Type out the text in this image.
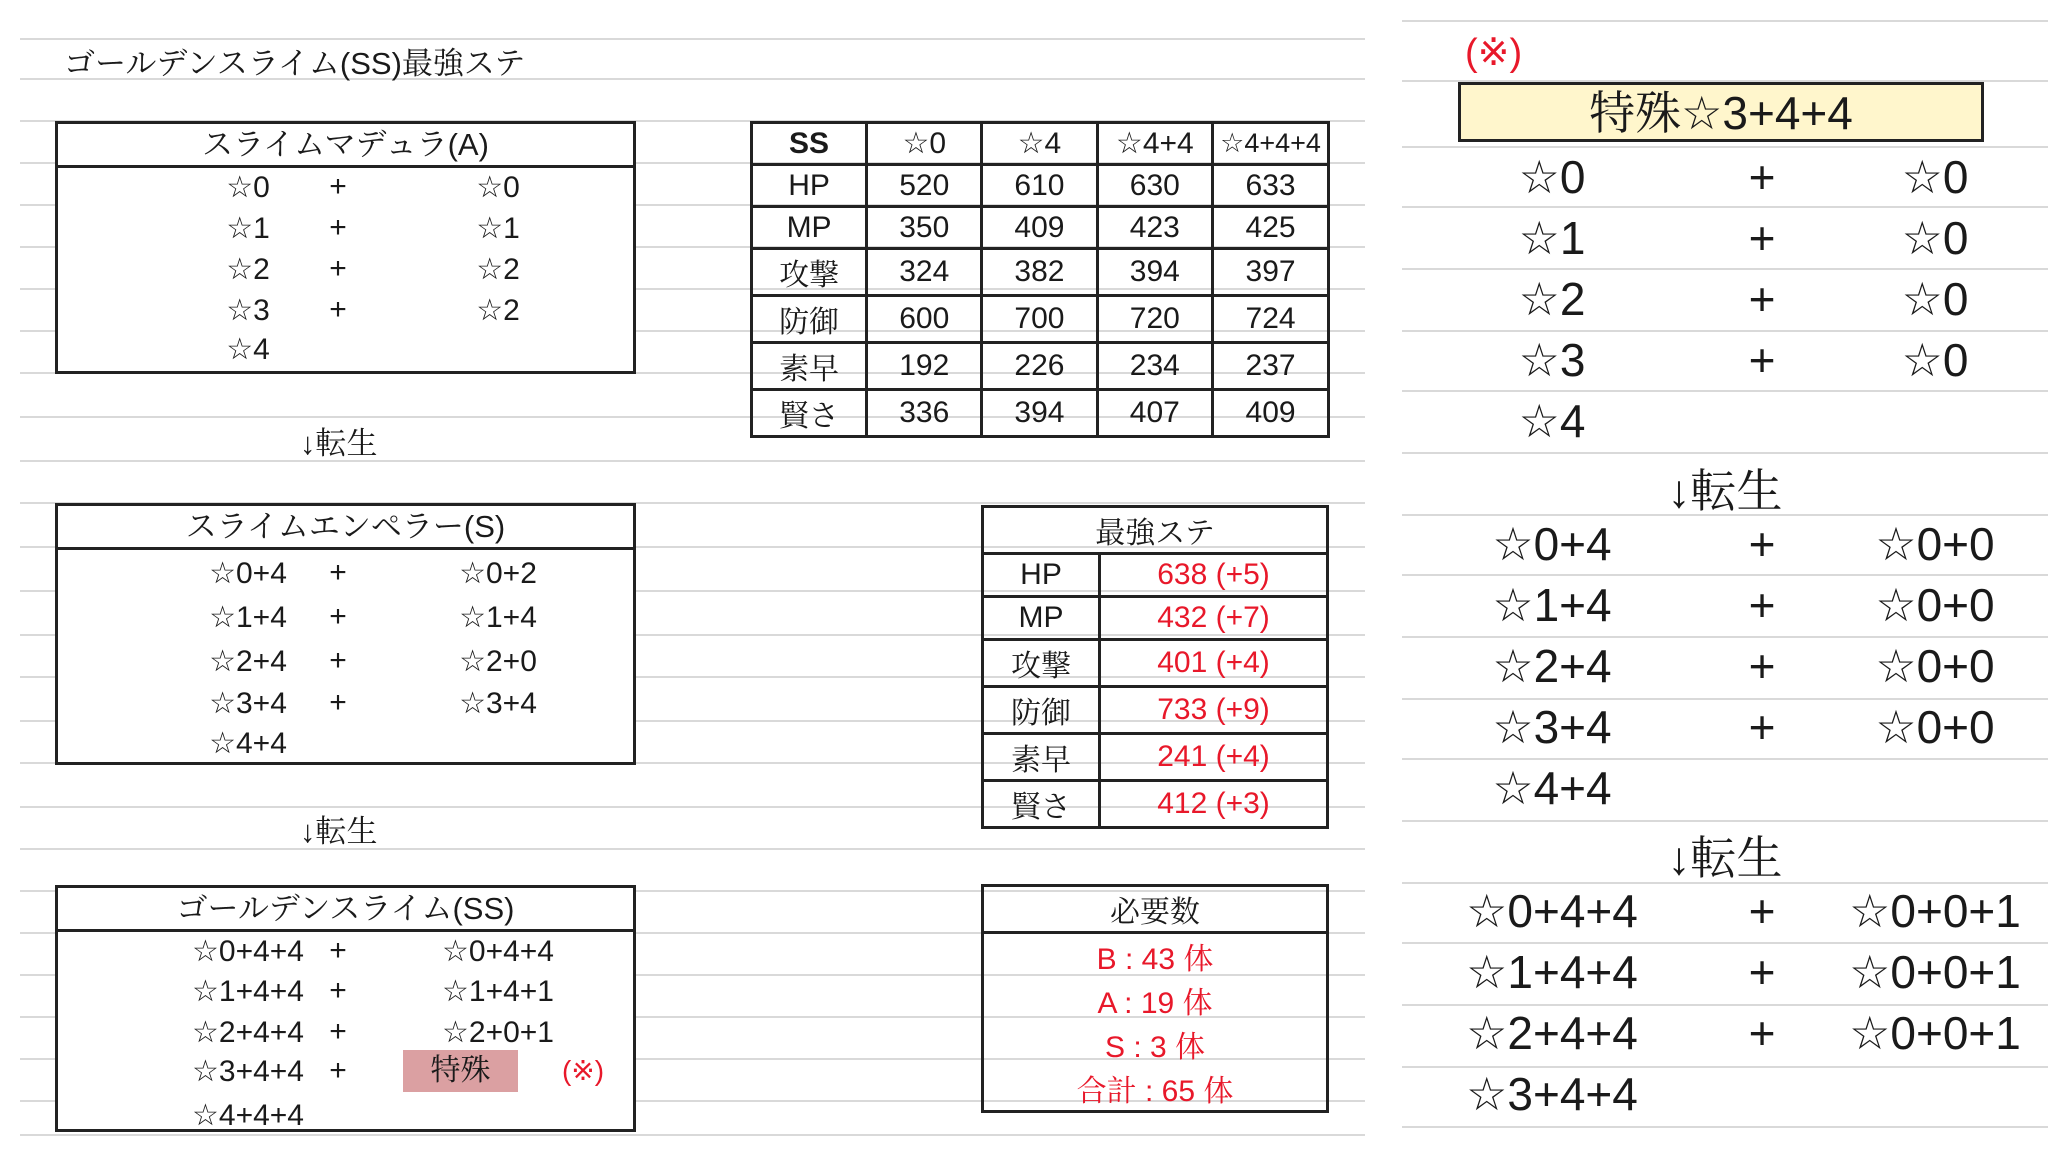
ゴールデンスライム(SS)最強ステ
スライムマデュラ(A)
☆0	+	☆0
☆1	+	☆1
☆2	+	☆2
☆3	+	☆2
☆4
↓転生
スライムエンペラー(S)
☆0+4	+	☆0+2
☆1+4	+	☆1+4
☆2+4	+	☆2+0
☆3+4	+	☆3+4
☆4+4
↓転生
ゴールデンスライム(SS)
☆0+4+4 +	☆0+4+4
☆1+4+4 +	☆1+4+1
☆2+4+4 +	☆2+0+1
☆3+4+4 +	特殊	(※)
☆4+4+4
SS	☆0	☆4	☆4+4	☆4+4+4
HP	520	610	630	633
MP	350	409	423	425
攻撃	324	382	394	397
防御	600	700	720	724
素早	192	226	234	237
賢さ	336	394	407	409
最強ステ	
HP	638 (+5)
MP	432 (+7)
攻撃	401 (+4)
防御	733 (+9)
素早	241 (+4)
賢さ	412 (+3)
必要数
B : 43 体
A : 19 体
S : 3 体
合計 : 65 体
(※)
特殊☆3+4+4
☆0	+	☆0
☆1	+	☆0
☆2	+	☆0
☆3	+	☆0
☆4
↓転生
☆0+4	+	☆0+0
☆1+4	+	☆0+0
☆2+4	+	☆0+0
☆3+4	+	☆0+0
☆4+4
↓転生
☆0+4+4	+	☆0+0+1
☆1+4+4	+	☆0+0+1
☆2+4+4	+	☆0+0+1
☆3+4+4
